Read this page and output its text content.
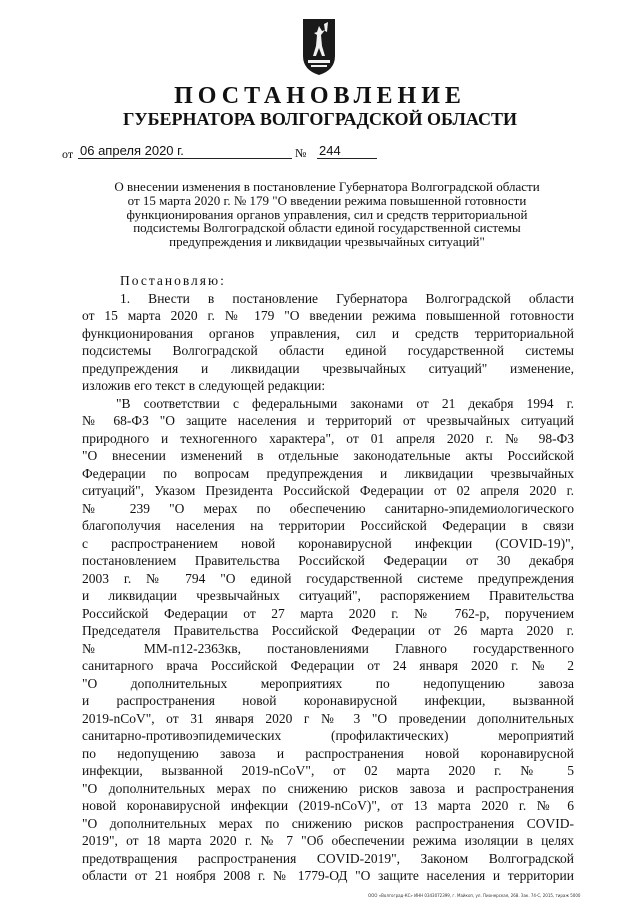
ПОСТАНОВЛЕНИЕ
ГУБЕРНАТОРА ВОЛГОГРАДСКОЙ ОБЛАСТИ
от 06 апреля 2020 г.	№ 244
О внесении изменения в постановление Губернатора Волгоградской области
от 15 марта 2020 г. № 179 "О введении режима повышенной готовности
функционирования органов управления, сил и средств территориальной
подсистемы Волгоградской области единой государственной системы
предупреждения и ликвидации чрезвычайных ситуаций"
Постановляю:
1. Внести в постановление Губернатора Волгоградской области
от 15 марта 2020 г. № 179 "О введении режима повышенной готовности
функционирования органов управления, сил и средств территориальной
подсистемы Волгоградской области единой государственной системы
предупреждения и ликвидации чрезвычайных ситуаций" изменение,
изложив его текст в следующей редакции:
"В соответствии с федеральными законами от 21 декабря 1994 г.
№ 68-ФЗ "О защите населения и территорий от чрезвычайных ситуаций
природного и техногенного характера", от 01 апреля 2020 г. № 98-ФЗ
"О внесении изменений в отдельные законодательные акты Российской
Федерации по вопросам предупреждения и ликвидации чрезвычайных
ситуаций", Указом Президента Российской Федерации от 02 апреля 2020 г.
№ 239 "О мерах по обеспечению санитарно-эпидемиологического
благополучия населения на территории Российской Федерации в связи
с распространением новой коронавирусной инфекции (COVID-19)",
постановлением Правительства Российской Федерации от 30 декабря
2003 г. № 794 "О единой государственной системе предупреждения
и ликвидации чрезвычайных ситуаций", распоряжением Правительства
Российской Федерации от 27 марта 2020 г. № 762-р, поручением
Председателя Правительства Российской Федерации от 26 марта 2020 г.
№ ММ-п12-2363кв, постановлениями Главного государственного
санитарного врача Российской Федерации от 24 января 2020 г. № 2
"О дополнительных мероприятиях по недопущению завоза
и распространения новой коронавирусной инфекции, вызванной
2019-nCoV", от 31 января 2020 г № 3 "О проведении дополнительных
санитарно-противоэпидемических (профилактических) мероприятий
по недопущению завоза и распространения новой коронавирусной
инфекции, вызванной 2019-nCoV", от 02 марта 2020 г. № 5
"О дополнительных мерах по снижению рисков завоза и распространения
новой коронавирусной инфекции (2019-nCoV)", от 13 марта 2020 г. № 6
"О дополнительных мерах по снижению рисков распространения COVID-
2019", от 18 марта 2020 г. № 7 "Об обеспечении режима изоляции в целях
предотвращения распространения COVID-2019", Законом Волгоградской
области от 21 ноября 2008 г. № 1779-ОД "О защите населения и территории
ООО «Волгоград-КС» ИНН 0343072399, г. Майкоп, ул. Пионерская, 268. Зак. 74-С, 2015, тираж 5000
